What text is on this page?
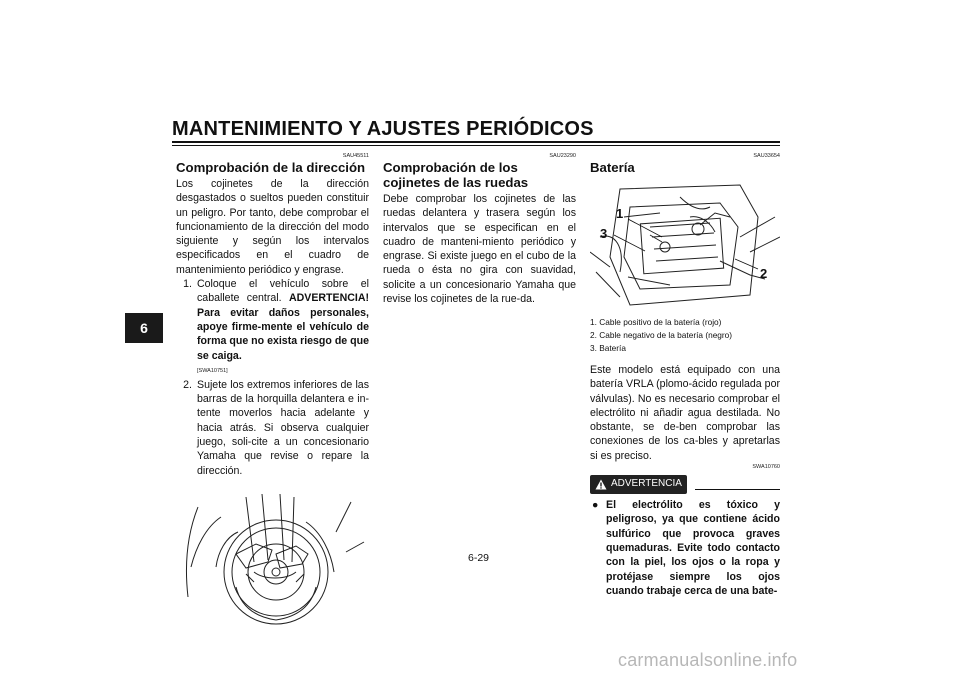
MANTENIMIENTO Y AJUSTES PERIÓDICOS
6
SAU45511
Comprobación de la dirección

Los cojinetes de la dirección desgastados o sueltos pueden constituir un peligro. Por tanto, debe comprobar el funcionamiento de la dirección del modo siguiente y según los intervalos especificados en el cuadro de mantenimiento periódico y engrase.

1. Coloque el vehículo sobre el caballete central. ADVERTENCIA! Para evitar daños personales, apoye firme-mente el vehículo de forma que no exista riesgo de que se caiga.
[SWA10751]
2. Sujete los extremos inferiores de las barras de la horquilla delantera e in-tente moverlos hacia adelante y hacia atrás. Si observa cualquier juego, soli-cite a un concesionario Yamaha que revise o repare la dirección.
SAU23290
Comprobación de los cojinetes de las ruedas

Debe comprobar los cojinetes de las ruedas delantera y trasera según los intervalos que se especifican en el cuadro de manteni-miento periódico y engrase. Si existe juego en el cubo de la rueda o ésta no gira con suavidad, solicite a un concesionario Yamaha que revise los cojinetes de la rue-da.

SAU33654
Batería
1
2
3
1. Cable positivo de la batería (rojo)
2. Cable negativo de la batería (negro)
3. Batería

Este modelo está equipado con una batería VRLA (plomo-ácido regulada por válvulas). No es necesario comprobar el electrólito ni añadir agua destilada. No obstante, se de-ben comprobar las conexiones de los ca-bles y apretarlas si es preciso.

SWA10760
ADVERTENCIA
● El electrólito es tóxico y peligroso, ya que contiene ácido sulfúrico que provoca graves quemaduras. Evite todo contacto con la piel, los ojos o la ropa y protéjase siempre los ojos cuando trabaje cerca de una bate-
6-29
carmanualsonline.info
